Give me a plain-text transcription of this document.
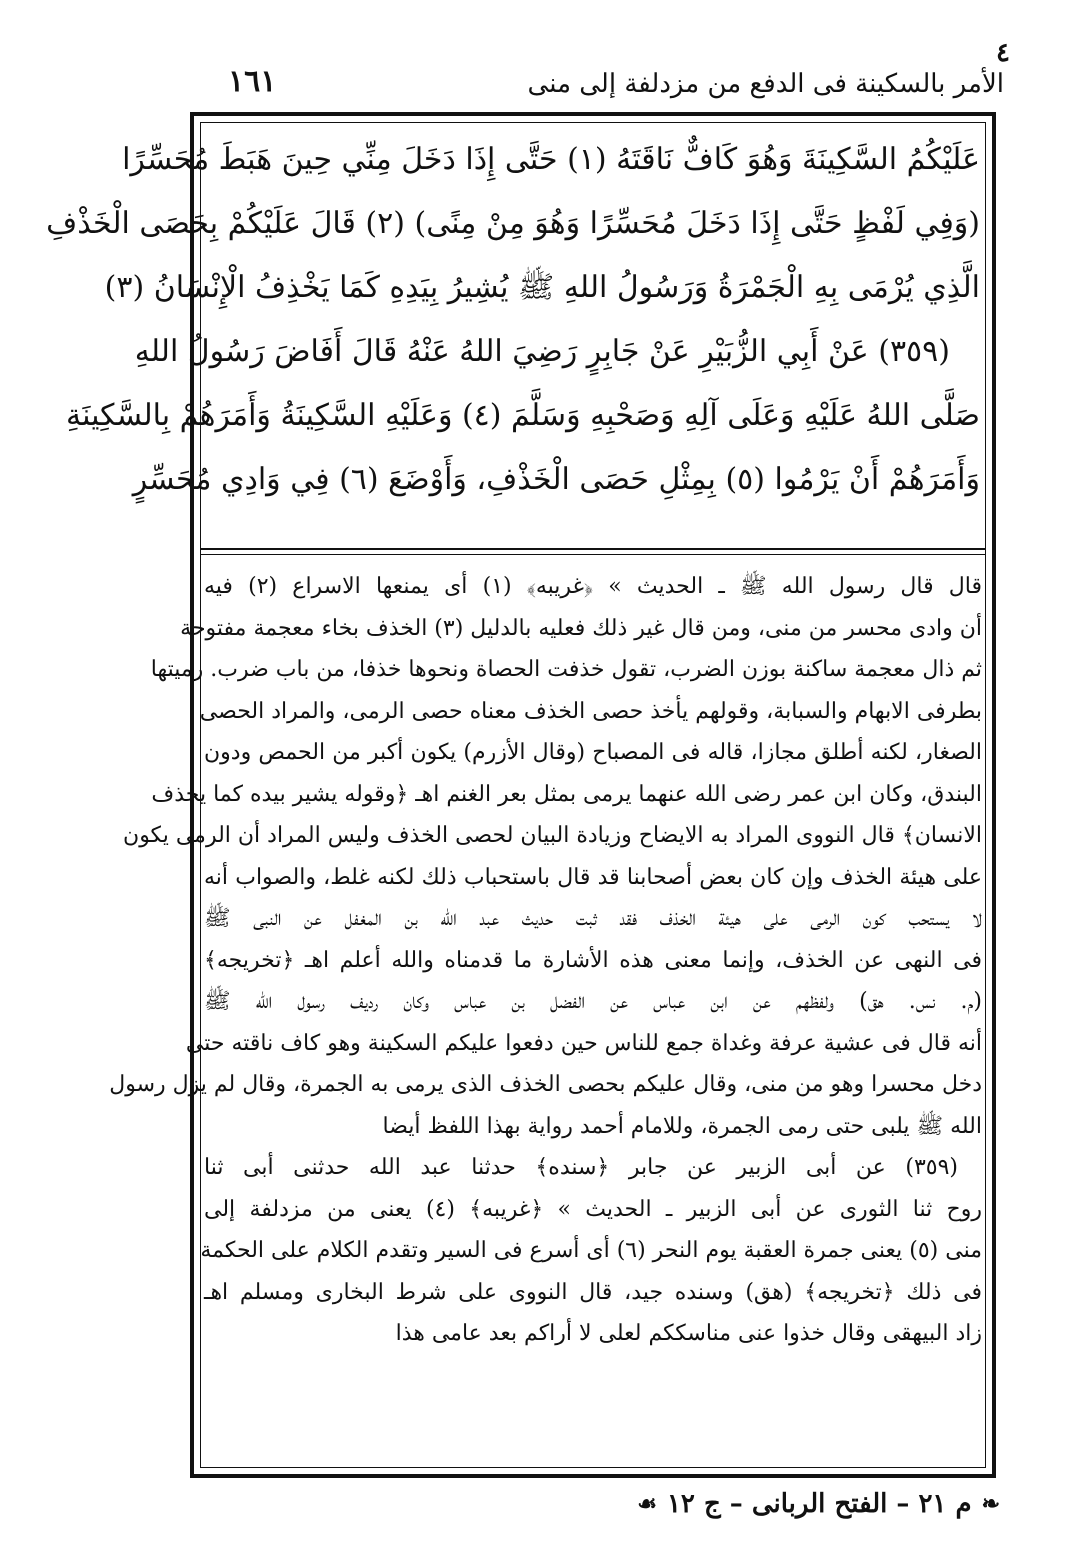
٤
الأمر بالسكينة فى الدفع من مزدلفة إلى منى
١٦١
عَلَيْكُمُ السَّكِينَةَ وَهُوَ كَافٌّ نَاقَتَهُ (١) حَتَّى إِذَا دَخَلَ مِنِّي حِينَ هَبَطَ مُحَسِّرًا
(وَفِي لَفْظٍ حَتَّى إِذَا دَخَلَ مُحَسِّرًا وَهُوَ مِنْ مِنًى) (٢) قَالَ عَلَيْكُمْ بِحَصَى الْخَذْفِ
الَّذِي يُرْمَى بِهِ الْجَمْرَةُ وَرَسُولُ اللهِ ﷺ يُشِيرُ بِيَدِهِ كَمَا يَخْذِفُ الْإِنْسَانُ (٣)
(٣٥٩) عَنْ أَبِي الزُّبَيْرِ عَنْ جَابِرٍ رَضِيَ اللهُ عَنْهُ قَالَ أَفَاضَ رَسُولُ اللهِ
صَلَّى اللهُ عَلَيْهِ وَعَلَى آلِهِ وَصَحْبِهِ وَسَلَّمَ (٤) وَعَلَيْهِ السَّكِينَةُ وَأَمَرَهُمْ بِالسَّكِينَةِ
وَأَمَرَهُمْ أَنْ يَرْمُوا (٥) بِمِثْلِ حَصَى الْخَذْفِ، وَأَوْضَعَ (٦) فِي وَادِي مُحَسِّرٍ
قال قال رسول الله ﷺ ـ الحديث » ﴿غريبه﴾ (١) أى يمنعها الاسراع (٢) فيه
أن وادى محسر من منى، ومن قال غير ذلك فعليه بالدليل (٣) الخذف بخاء معجمة مفتوحة
ثم ذال معجمة ساكنة بوزن الضرب، تقول خذفت الحصاة ونحوها خذفا، من باب ضرب. رميتها
بطرفى الابهام والسبابة، وقولهم يأخذ حصى الخذف معناه حصى الرمى، والمراد الحصى
الصغار، لكنه أطلق مجازا، قاله فى المصباح (وقال الأزرم) يكون أكبر من الحمص ودون
البندق، وكان ابن عمر رضى الله عنهما يرمى بمثل بعر الغنم اهـ ﴿وقوله يشير بيده كما يخذف
الانسان﴾ قال النووى المراد به الايضاح وزيادة البيان لحصى الخذف وليس المراد أن الرمى يكون
على هيئة الخذف وإن كان بعض أصحابنا قد قال باستحباب ذلك لكنه غلط، والصواب أنه
لا يستحب كون الرمى على هيئة الخذف فقد ثبت حديث عبد الله بن المغفل عن النبى ﷺ
فى النهى عن الخذف، وإنما معنى هذه الأشارة ما قدمناه والله أعلم اهـ ﴿تخريجه﴾
(م. نس. هق) ولفظهم عن ابن عباس عن الفضل بن عباس وكان رديف رسول الله ﷺ
أنه قال فى عشية عرفة وغداة جمع للناس حين دفعوا عليكم السكينة وهو كاف ناقته حتى
دخل محسرا وهو من منى، وقال عليكم بحصى الخذف الذى يرمى به الجمرة، وقال لم يزل رسول
الله ﷺ يلبى حتى رمى الجمرة، وللامام أحمد رواية بهذا اللفظ أيضا
(٣٥٩) عن أبى الزبير عن جابر ﴿سنده﴾ حدثنا عبد الله حدثنى أبى ثنا
روح ثنا الثورى عن أبى الزبير ـ الحديث » ﴿غريبه﴾ (٤) يعنى من مزدلفة إلى
منى (٥) يعنى جمرة العقبة يوم النحر (٦) أى أسرع فى السير وتقدم الكلام على الحكمة
فى ذلك ﴿تخريجه﴾ (هق) وسنده جيد، قال النووى على شرط البخارى ومسلم اهـ
زاد البيهقى وقال خذوا عنى مناسككم لعلى لا أراكم بعد عامى هذا
❧
م ٢١ – الفتح الربانى – ج ١٢
☙
